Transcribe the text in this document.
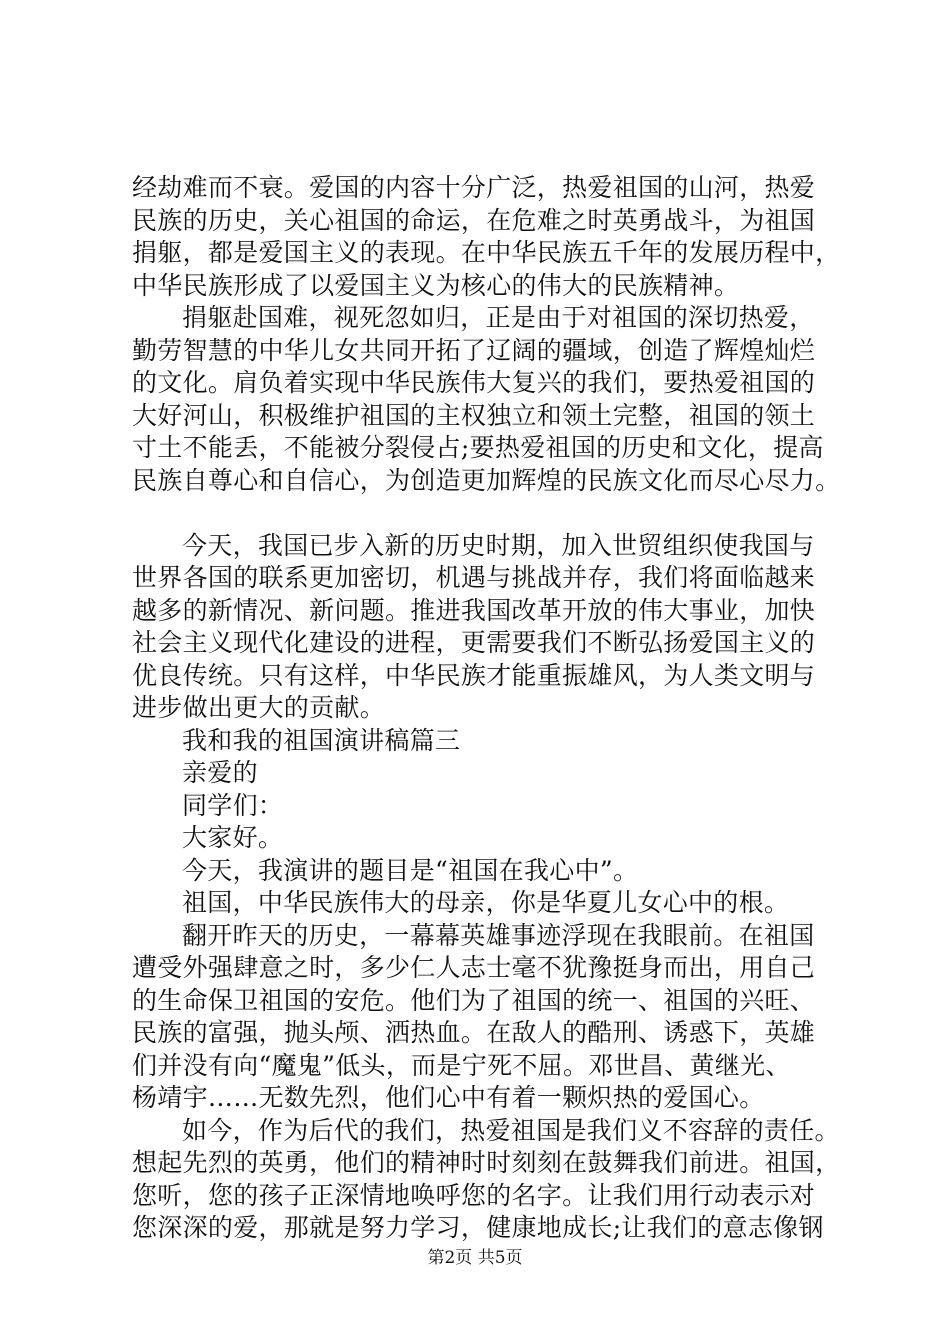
经劫难而不衰。爱国的内容十分广泛，热爱祖国的山河，热爱
民族的历史，关心祖国的命运，在危难之时英勇战斗，为祖国
捐躯，都是爱国主义的表现。在中华民族五千年的发展历程中，
中华民族形成了以爱国主义为核心的伟大的民族精神。
捐躯赴国难，视死忽如归，正是由于对祖国的深切热爱，
勤劳智慧的中华儿女共同开拓了辽阔的疆域，创造了辉煌灿烂
的文化。肩负着实现中华民族伟大复兴的我们，要热爱祖国的
大好河山，积极维护祖国的主权独立和领土完整，祖国的领土
寸土不能丢，不能被分裂侵占;要热爱祖国的历史和文化，提高
民族自尊心和自信心，为创造更加辉煌的民族文化而尽心尽力。
今天，我国已步入新的历史时期，加入世贸组织使我国与
世界各国的联系更加密切，机遇与挑战并存，我们将面临越来
越多的新情况、新问题。推进我国改革开放的伟大事业，加快
社会主义现代化建设的进程，更需要我们不断弘扬爱国主义的
优良传统。只有这样，中华民族才能重振雄风，为人类文明与
进步做出更大的贡献。
我和我的祖国演讲稿篇三
亲爱的
同学们：
大家好。
今天，我演讲的题目是“祖国在我心中”。
祖国，中华民族伟大的母亲，你是华夏儿女心中的根。
翻开昨天的历史，一幕幕英雄事迹浮现在我眼前。在祖国
遭受外强肆意之时，多少仁人志士毫不犹豫挺身而出，用自己
的生命保卫祖国的安危。他们为了祖国的统一、祖国的兴旺、
民族的富强，抛头颅、洒热血。在敌人的酷刑、诱惑下，英雄
们并没有向“魔鬼”低头，而是宁死不屈。邓世昌、黄继光、
杨靖宇……无数先烈，他们心中有着一颗炽热的爱国心。
如今，作为后代的我们，热爱祖国是我们义不容辞的责任。
想起先烈的英勇，他们的精神时时刻刻在鼓舞我们前进。祖国，
您听，您的孩子正深情地唤呼您的名字。让我们用行动表示对
您深深的爱，那就是努力学习，健康地成长;让我们的意志像钢
第2页 共5页
